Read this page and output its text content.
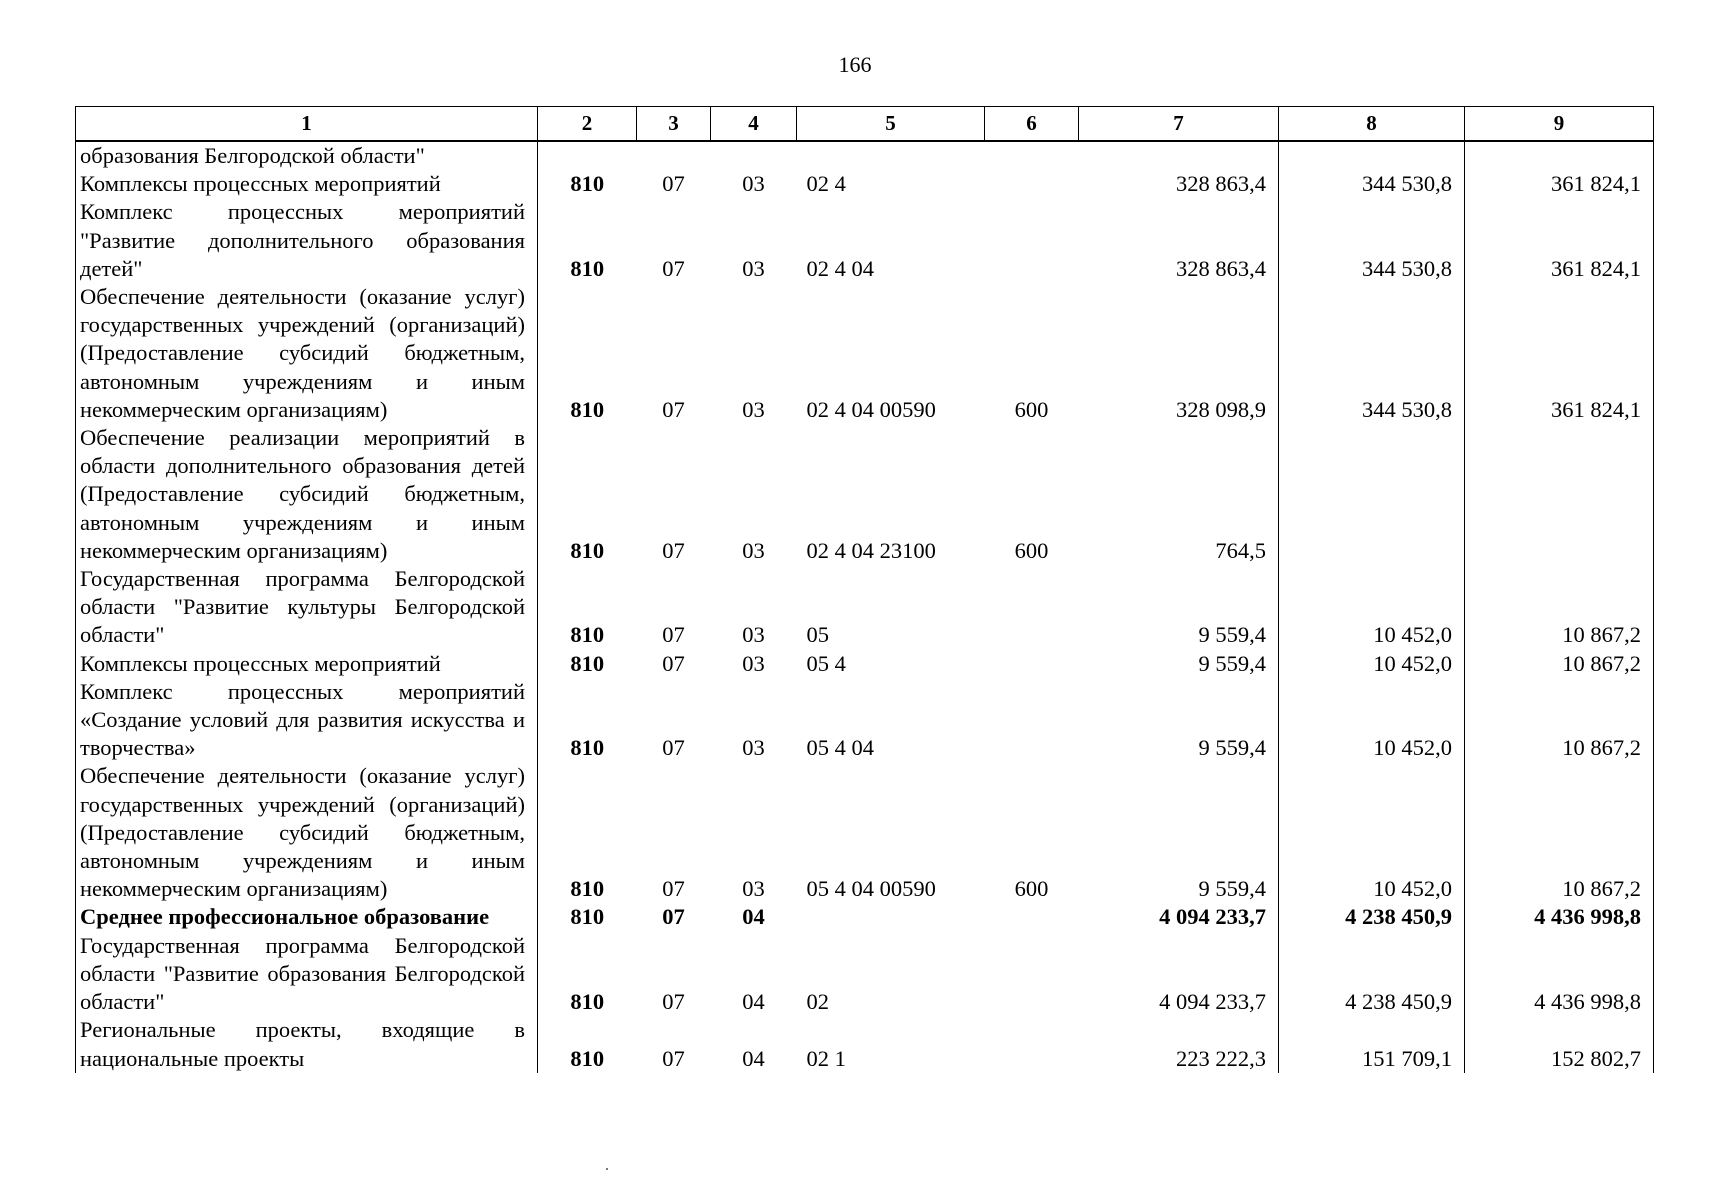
166
1	2	3	4	5	6	7	8	9
образования Белгородской области"								
Комплексы процессных мероприятий	810	07	03	02 4		328 863,4	344 530,8	361 824,1
Комплекс процессных мероприятий "Развитие дополнительного образования детей"	810	07	03	02 4 04		328 863,4	344 530,8	361 824,1
Обеспечение деятельности (оказание услуг) государственных учреждений (организаций) (Предоставление субсидий бюджетным, автономным учреждениям и иным некоммерческим организациям)	810	07	03	02 4 04 00590	600	328 098,9	344 530,8	361 824,1
Обеспечение реализации мероприятий в области дополнительного образования детей (Предоставление субсидий бюджетным, автономным учреждениям и иным некоммерческим организациям)	810	07	03	02 4 04 23100	600	764,5		
Государственная программа Белгородской области "Развитие культуры Белгородской области"	810	07	03	05		9 559,4	10 452,0	10 867,2
Комплексы процессных мероприятий	810	07	03	05 4		9 559,4	10 452,0	10 867,2
Комплекс процессных мероприятий «Создание условий для развития искусства и творчества»	810	07	03	05 4 04		9 559,4	10 452,0	10 867,2
Обеспечение деятельности (оказание услуг) государственных учреждений (организаций) (Предоставление субсидий бюджетным, автономным учреждениям и иным некоммерческим организациям)	810	07	03	05 4 04 00590	600	9 559,4	10 452,0	10 867,2
Среднее профессиональное образование	810	07	04			4 094 233,7	4 238 450,9	4 436 998,8
Государственная программа Белгородской области "Развитие образования Белгородской области"	810	07	04	02		4 094 233,7	4 238 450,9	4 436 998,8
Региональные проекты, входящие в национальные проекты	810	07	04	02 1		223 222,3	151 709,1	152 802,7
